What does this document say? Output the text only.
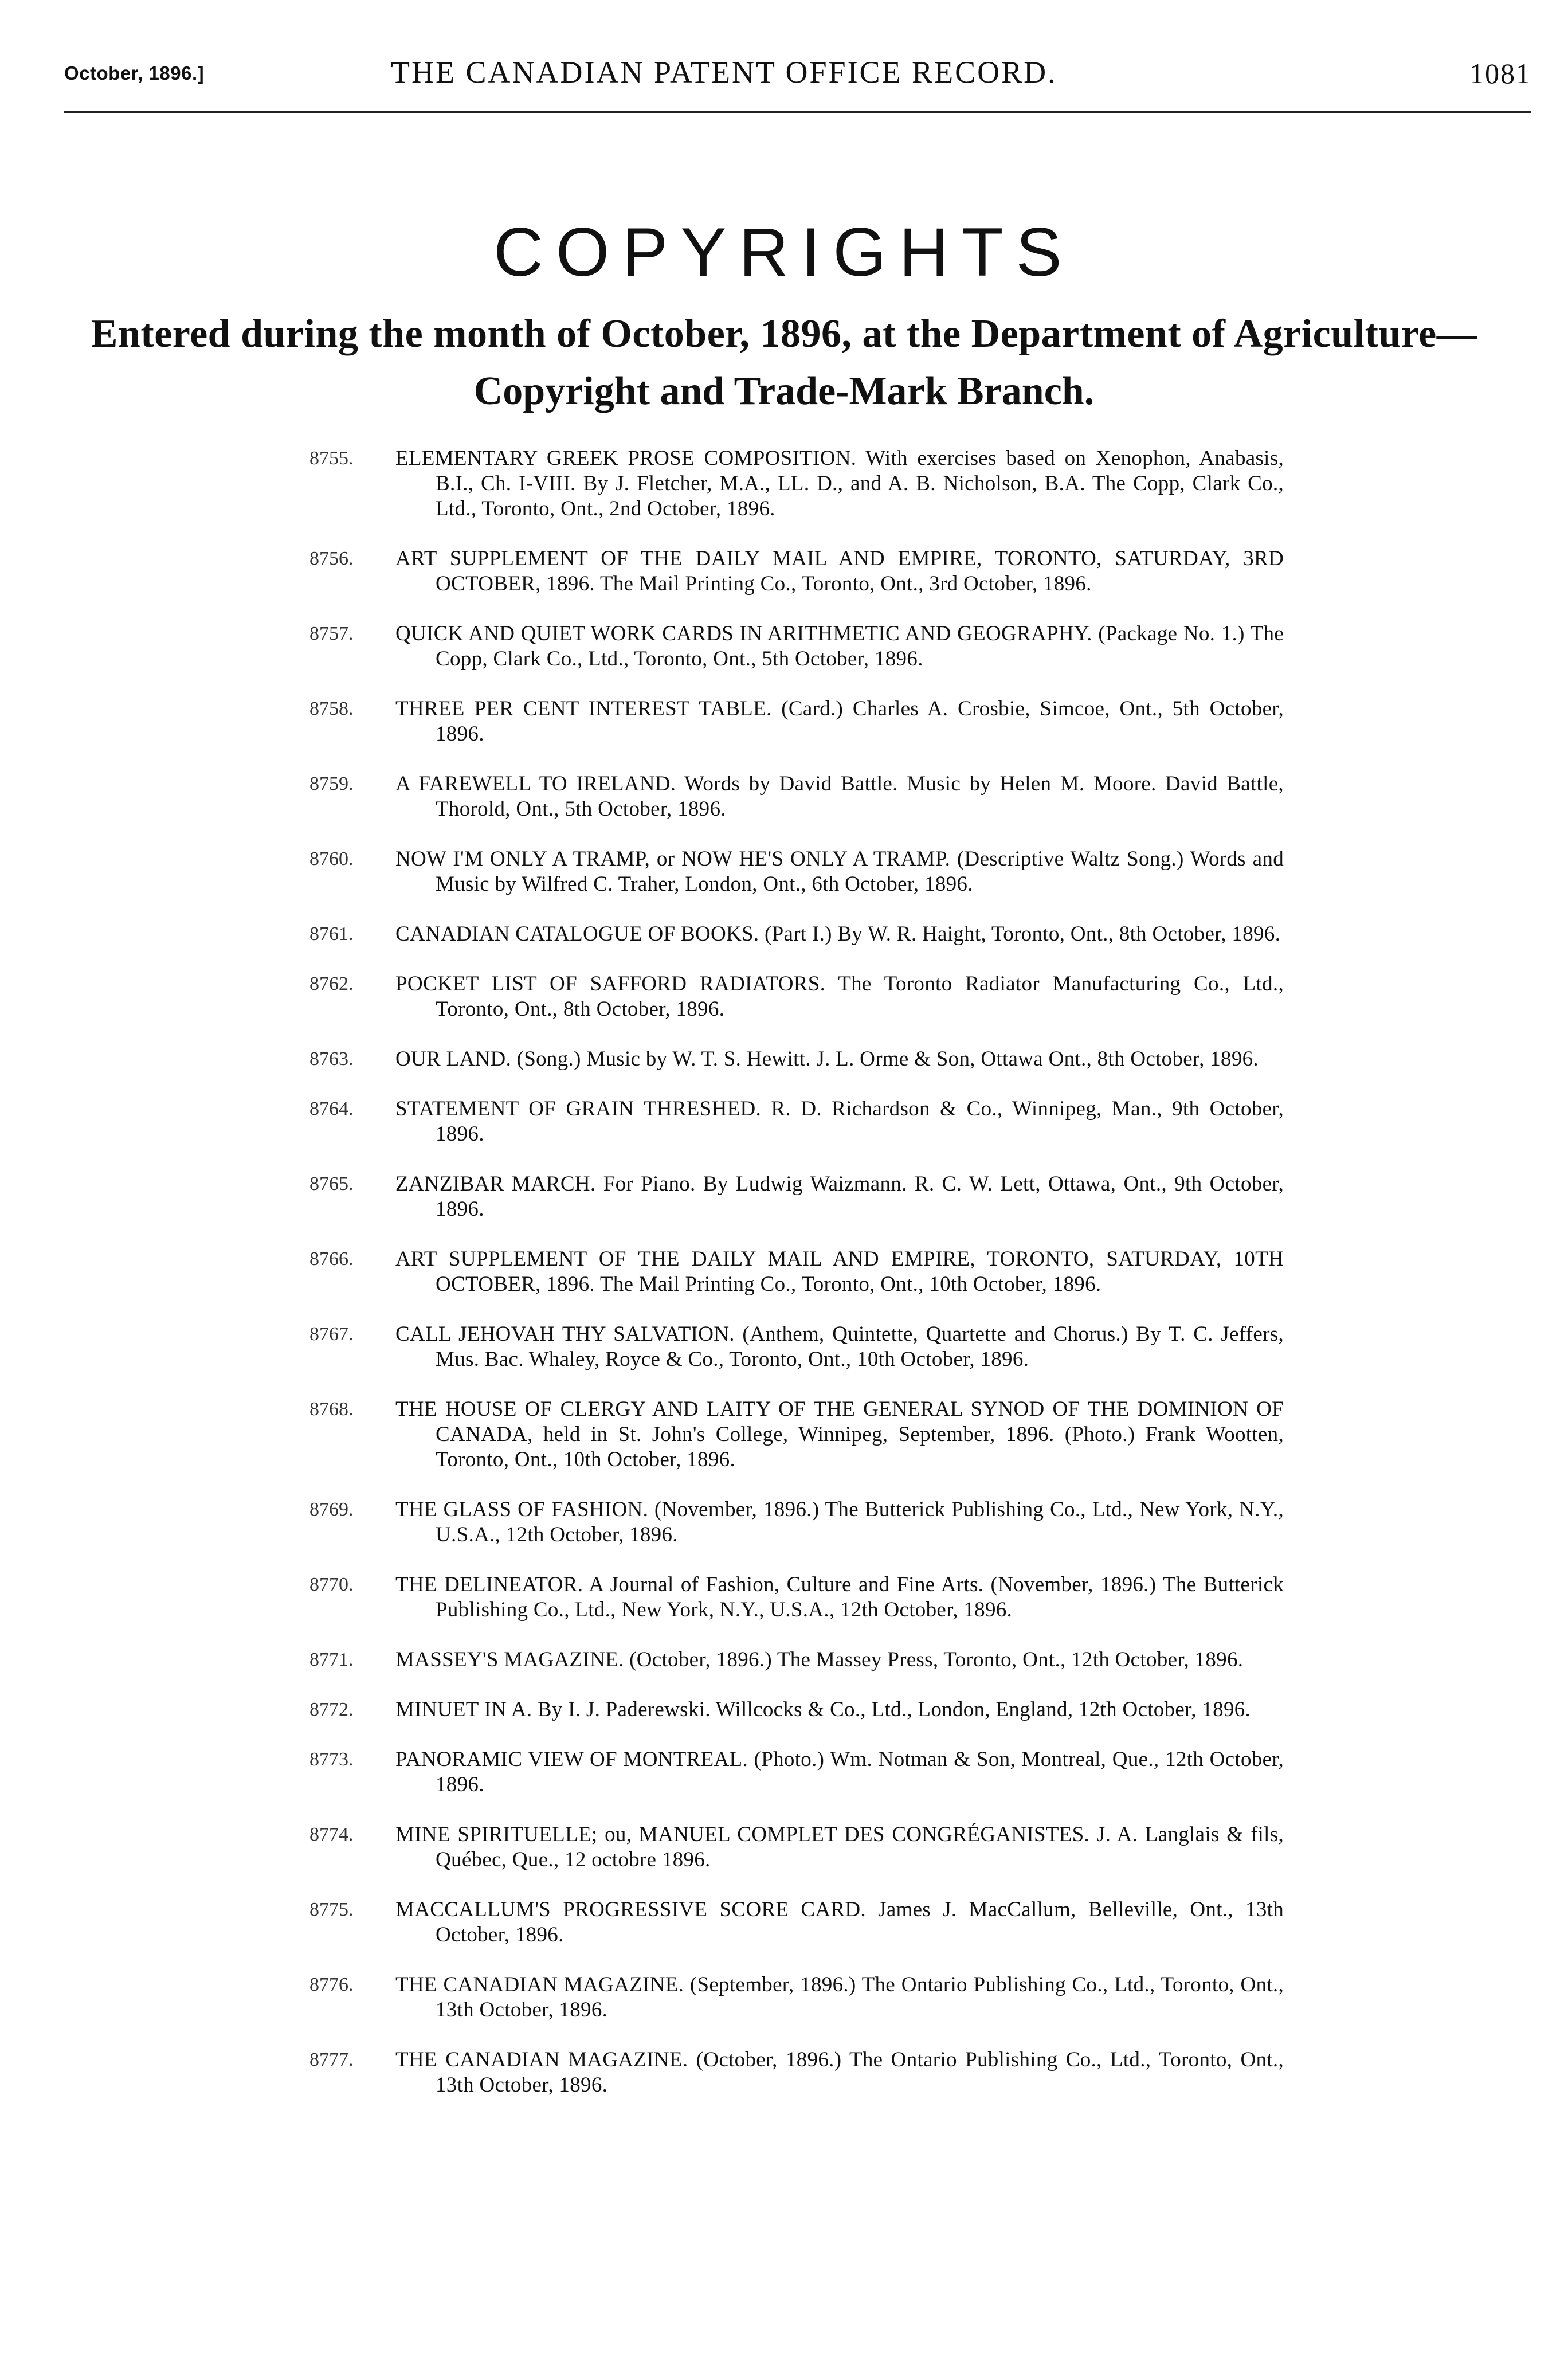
October, 1896.]	THE CANADIAN PATENT OFFICE RECORD.	1081
COPYRIGHTS
Entered during the month of October, 1896, at the Department of Agriculture—
Copyright and Trade-Mark Branch.
8755.	ELEMENTARY GREEK PROSE COMPOSITION. With exercises based on Xenophon, Anabasis, B.I., Ch. I-VIII. By J. Fletcher, M.A., LL. D., and A. B. Nicholson, B.A. The Copp, Clark Co., Ltd., Toronto, Ont., 2nd October, 1896.
8756.	ART SUPPLEMENT OF THE DAILY MAIL AND EMPIRE, TORONTO, SATURDAY, 3RD OCTOBER, 1896. The Mail Printing Co., Toronto, Ont., 3rd October, 1896.
8757.	QUICK AND QUIET WORK CARDS IN ARITHMETIC AND GEOGRAPHY. (Package No. 1.) The Copp, Clark Co., Ltd., Toronto, Ont., 5th October, 1896.
8758.	THREE PER CENT INTEREST TABLE. (Card.) Charles A. Crosbie, Simcoe, Ont., 5th October, 1896.
8759.	A FAREWELL TO IRELAND. Words by David Battle. Music by Helen M. Moore. David Battle, Thorold, Ont., 5th October, 1896.
8760.	NOW I'M ONLY A TRAMP, or NOW HE'S ONLY A TRAMP. (Descriptive Waltz Song.) Words and Music by Wilfred C. Traher, London, Ont., 6th October, 1896.
8761.	CANADIAN CATALOGUE OF BOOKS. (Part I.) By W. R. Haight, Toronto, Ont., 8th October, 1896.
8762.	POCKET LIST OF SAFFORD RADIATORS. The Toronto Radiator Manufacturing Co., Ltd., Toronto, Ont., 8th October, 1896.
8763.	OUR LAND. (Song.) Music by W. T. S. Hewitt. J. L. Orme & Son, Ottawa Ont., 8th October, 1896.
8764.	STATEMENT OF GRAIN THRESHED. R. D. Richardson & Co., Winnipeg, Man., 9th October, 1896.
8765.	ZANZIBAR MARCH. For Piano. By Ludwig Waizmann. R. C. W. Lett, Ottawa, Ont., 9th October, 1896.
8766.	ART SUPPLEMENT OF THE DAILY MAIL AND EMPIRE, TORONTO, SATURDAY, 10TH OCTOBER, 1896. The Mail Printing Co., Toronto, Ont., 10th October, 1896.
8767.	CALL JEHOVAH THY SALVATION. (Anthem, Quintette, Quartette and Chorus.) By T. C. Jeffers, Mus. Bac. Whaley, Royce & Co., Toronto, Ont., 10th October, 1896.
8768.	THE HOUSE OF CLERGY AND LAITY OF THE GENERAL SYNOD OF THE DOMINION OF CANADA, held in St. John's College, Winnipeg, September, 1896. (Photo.) Frank Wootten, Toronto, Ont., 10th October, 1896.
8769.	THE GLASS OF FASHION. (November, 1896.) The Butterick Publishing Co., Ltd., New York, N.Y., U.S.A., 12th October, 1896.
8770.	THE DELINEATOR. A Journal of Fashion, Culture and Fine Arts. (November, 1896.) The Butterick Publishing Co., Ltd., New York, N.Y., U.S.A., 12th October, 1896.
8771.	MASSEY'S MAGAZINE. (October, 1896.) The Massey Press, Toronto, Ont., 12th October, 1896.
8772.	MINUET IN A. By I. J. Paderewski. Willcocks & Co., Ltd., London, England, 12th October, 1896.
8773.	PANORAMIC VIEW OF MONTREAL. (Photo.) Wm. Notman & Son, Montreal, Que., 12th October, 1896.
8774.	MINE SPIRITUELLE; ou, MANUEL COMPLET DES CONGRÉGANISTES. J. A. Langlais & fils, Québec, Que., 12 octobre 1896.
8775.	MACCALLUM'S PROGRESSIVE SCORE CARD. James J. MacCallum, Belleville, Ont., 13th October, 1896.
8776.	THE CANADIAN MAGAZINE. (September, 1896.) The Ontario Publishing Co., Ltd., Toronto, Ont., 13th October, 1896.
8777.	THE CANADIAN MAGAZINE. (October, 1896.) The Ontario Publishing Co., Ltd., Toronto, Ont., 13th October, 1896.
